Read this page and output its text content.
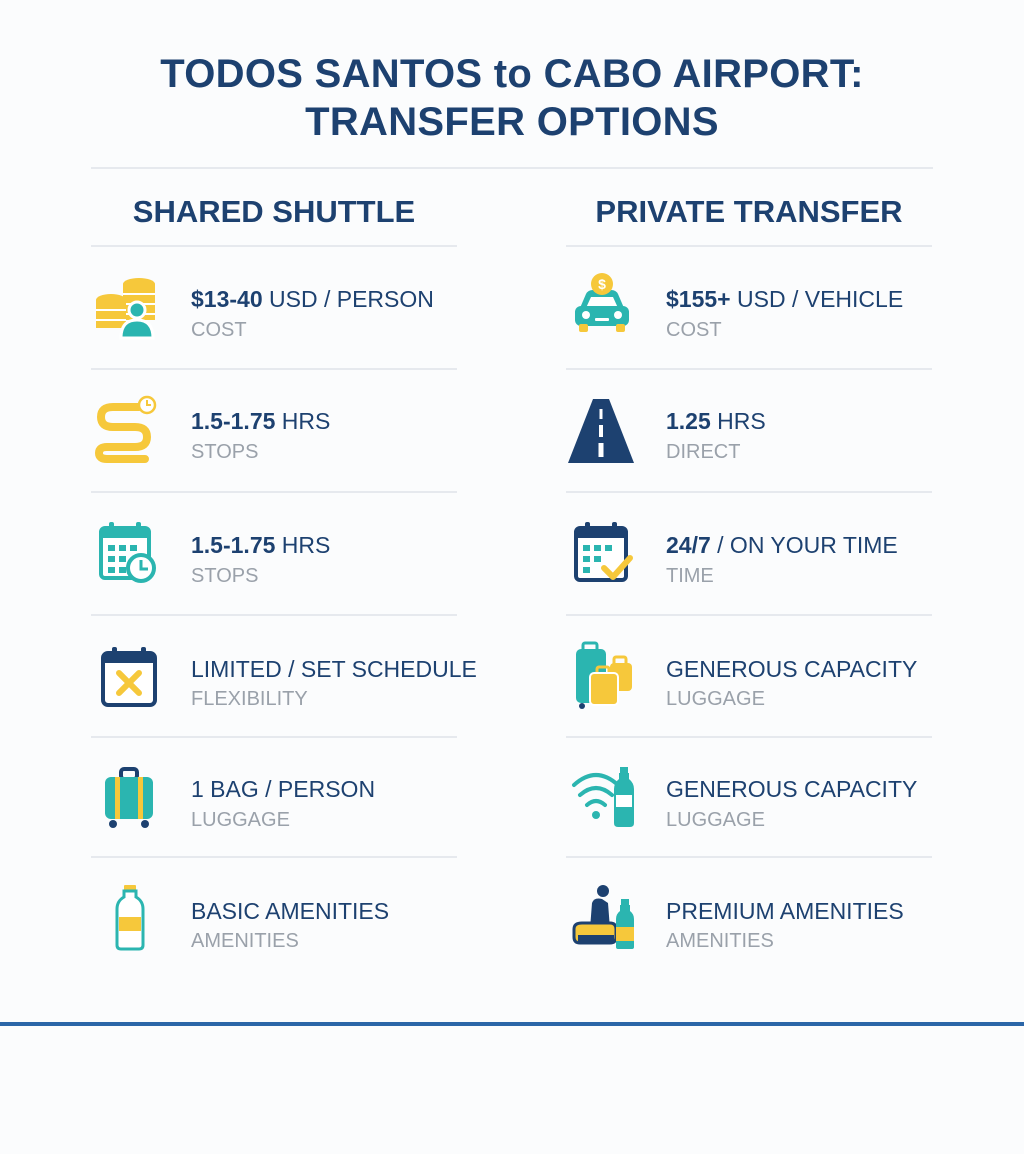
TODOS SANTOS to CABO AIRPORT:
TRANSFER OPTIONS
SHARED SHUTTLE
$13-40 USD / PERSON
COST
1.5-1.75 HRS
STOPS
1.5-1.75 HRS
STOPS
LIMITED / SET SCHEDULE
FLEXIBILITY
1 BAG / PERSON
LUGGAGE
BASIC AMENITIES
AMENITIES
PRIVATE TRANSFER
$
$155+ USD / VEHICLE
COST
1.25 HRS
DIRECT
24/7 / ON YOUR TIME
TIME
GENEROUS CAPACITY
LUGGAGE
GENEROUS CAPACITY
LUGGAGE
PREMIUM AMENITIES
AMENITIES
